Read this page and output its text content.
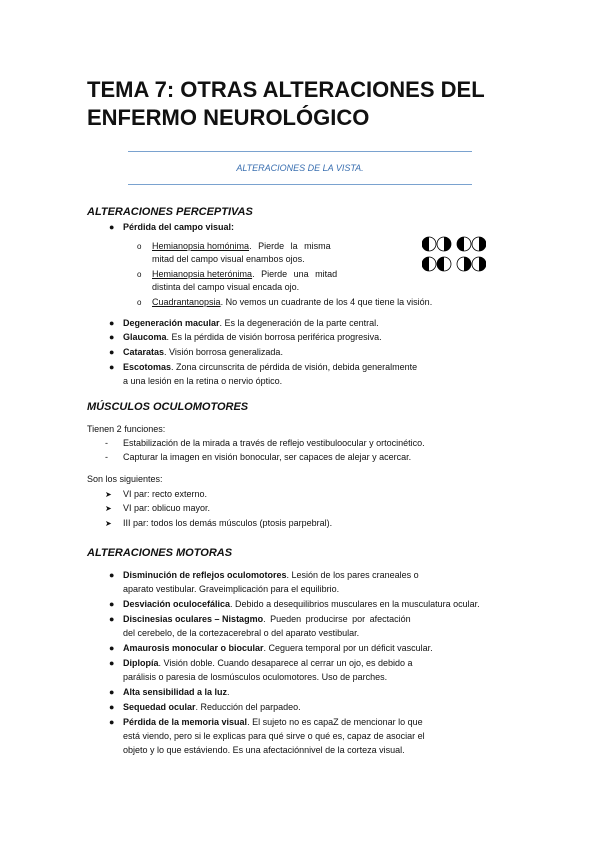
TEMA 7: OTRAS ALTERACIONES DEL ENFERMO NEUROLÓGICO
ALTERACIONES DE LA VISTA.
ALTERACIONES PERCEPTIVAS
● Pérdida del campo visual:
o Hemianopsia homónima. Pierde la misma
mitad del campo visual enambos ojos.
o Hemianopsia heterónima. Pierde una mitad
distinta del campo visual encada ojo.
o Cuadrantanopsia. No vemos un cuadrante de los 4 que tiene la visión.
● Degeneración macular. Es la degeneración de la parte central.
● Glaucoma. Es la pérdida de visión borrosa periférica progresiva.
● Cataratas. Visión borrosa generalizada.
● Escotomas. Zona circunscrita de pérdida de visión, debida generalmente
a una lesión en la retina o nervio óptico.
MÚSCULOS OCULOMOTORES
Tienen 2 funciones:
- Estabilización de la mirada a través de reflejo vestibuloocular y ortocinético.
- Capturar la imagen en visión bonocular, ser capaces de alejar y acercar.
Son los siguientes:
➤ VI par: recto externo.
➤ VI par: oblicuo mayor.
➤ III par: todos los demás músculos (ptosis parpebral).
ALTERACIONES MOTORAS
● Disminución de reflejos oculomotores. Lesión de los pares craneales o
aparato vestibular. Graveimplicación para el equilibrio.
● Desviación oculocefálica. Debido a desequilibrios musculares en la musculatura ocular.
● Discinesias oculares – Nistagmo. Pueden producirse por afectación
del cerebelo, de la cortezacerebral o del aparato vestibular.
● Amaurosis monocular o biocular. Ceguera temporal por un déficit vascular.
● Diplopía. Visión doble. Cuando desaparece al cerrar un ojo, es debido a
parálisis o paresia de losmúsculos oculomotores. Uso de parches.
● Alta sensibilidad a la luz.
● Sequedad ocular. Reducción del parpadeo.
● Pérdida de la memoria visual. El sujeto no es capaZ de mencionar lo que
está viendo, pero si le explicas para qué sirve o qué es, capaz de asociar el
objeto y lo que estáviendo. Es una afectaciónnivel de la corteza visual.
